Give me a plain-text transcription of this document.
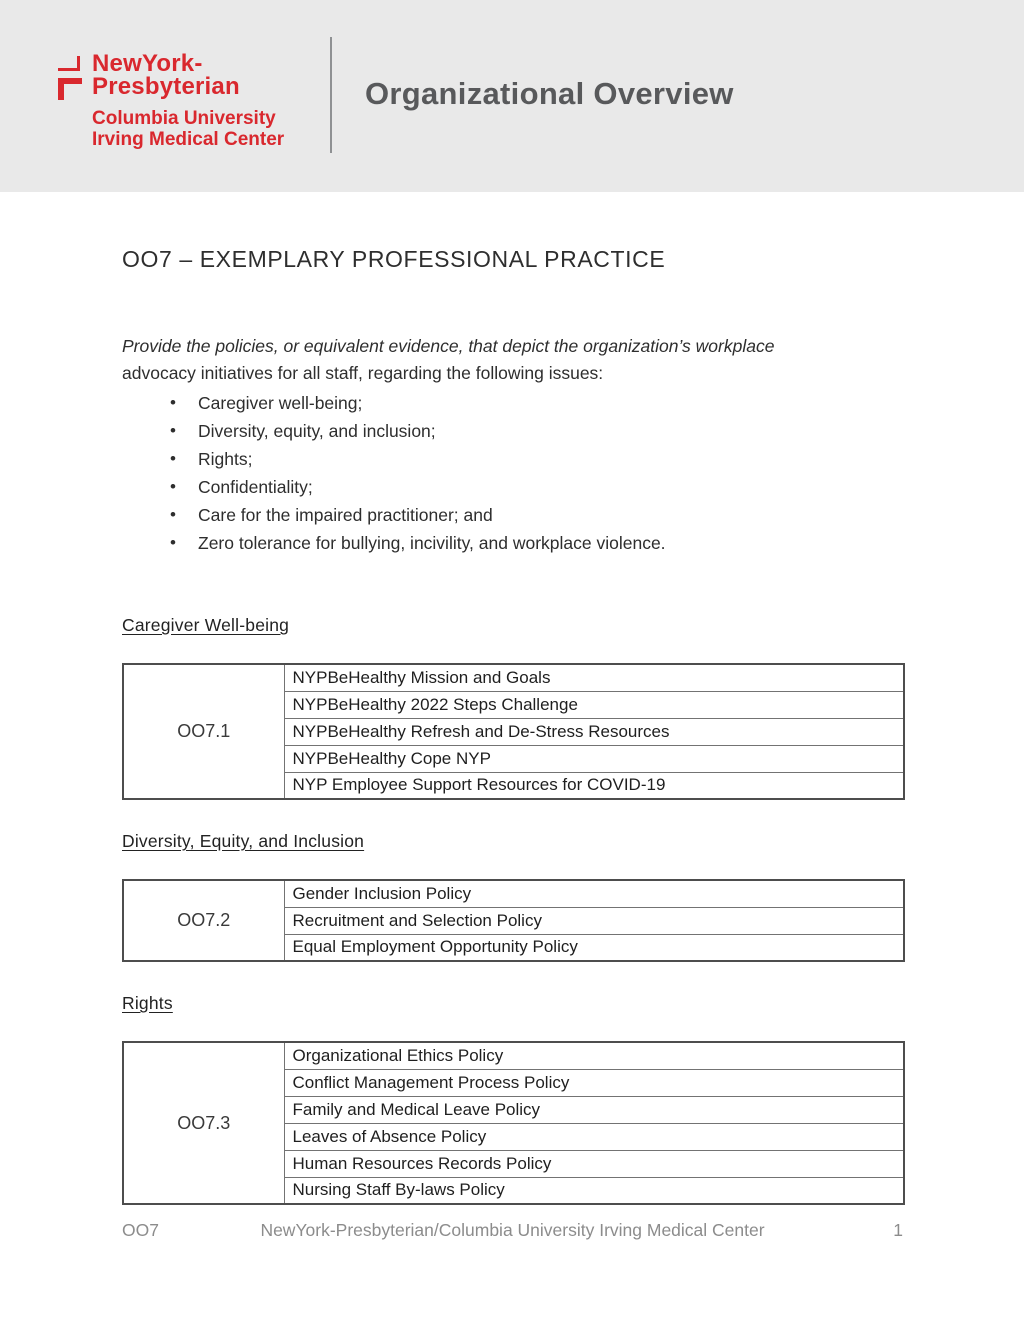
NewYork-
Presbyterian
Columbia University
Irving Medical Center
Organizational Overview
OO7 – EXEMPLARY PROFESSIONAL PRACTICE

Provide the policies, or equivalent evidence, that depict the organization’s workplace
advocacy initiatives for all staff, regarding the following issues:

• Caregiver well-being;
• Diversity, equity, and inclusion;
• Rights;
• Confidentiality;
• Care for the impaired practitioner; and
• Zero tolerance for bullying, incivility, and workplace violence.
Caregiver Well-being
OO7.1	NYPBeHealthy Mission and Goals
NYPBeHealthy 2022 Steps Challenge
NYPBeHealthy Refresh and De-Stress Resources
NYPBeHealthy Cope NYP
NYP Employee Support Resources for COVID-19
Diversity, Equity, and Inclusion
OO7.2	Gender Inclusion Policy
Recruitment and Selection Policy
Equal Employment Opportunity Policy
Rights
OO7.3	Organizational Ethics Policy
Conflict Management Process Policy
Family and Medical Leave Policy
Leaves of Absence Policy
Human Resources Records Policy
Nursing Staff By-laws Policy
OO7	NewYork-Presbyterian/Columbia University Irving Medical Center	1
